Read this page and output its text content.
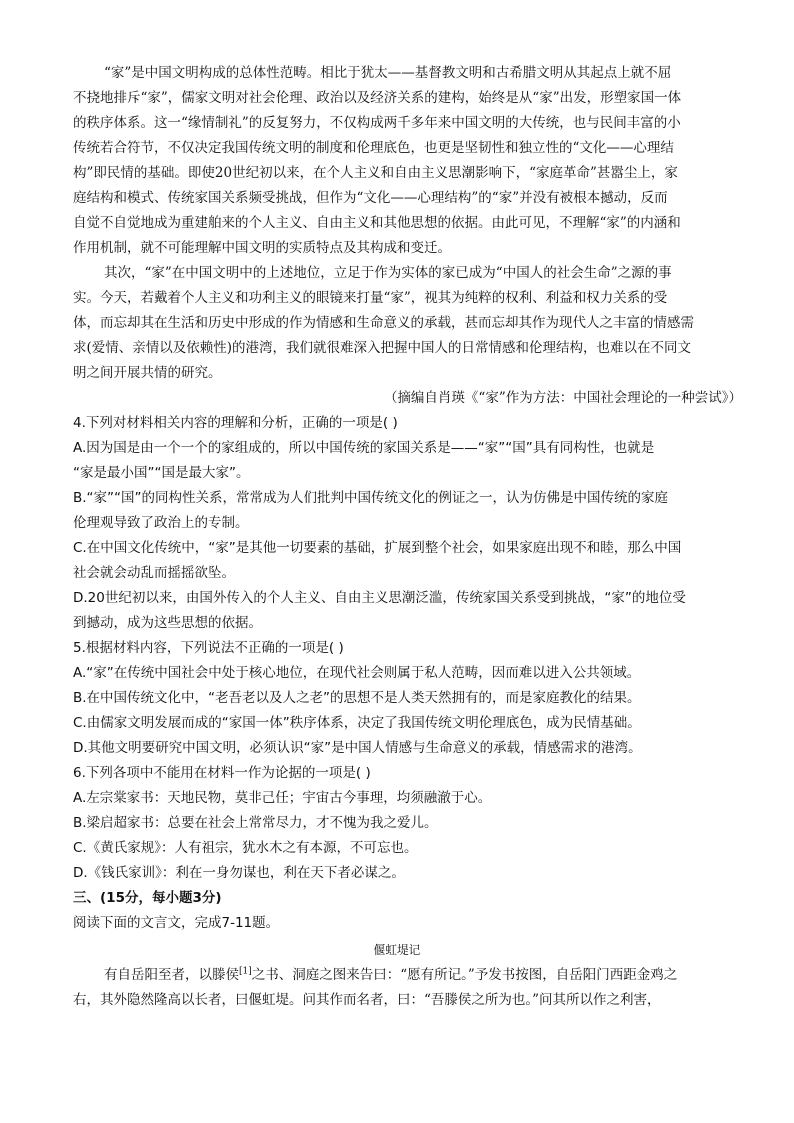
“家”是中国文明构成的总体性范畴。相比于犹太——基督教文明和古希腊文明从其起点上就不屈

不挠地排斥“家”，儒家文明对社会伦理、政治以及经济关系的建构，始终是从“家”出发，形塑家国一体

的秩序体系。这一“缘情制礼”的反复努力，不仅构成两千多年来中国文明的大传统，也与民间丰富的小

传统若合符节，不仅决定我国传统文明的制度和伦理底色，也更是坚韧性和独立性的“文化——心理结

构”即民情的基础。即使20世纪初以来，在个人主义和自由主义思潮影响下，“家庭革命”甚嚣尘上，家

庭结构和模式、传统家国关系频受挑战，但作为“文化——心理结构”的“家”并没有被根本撼动，反而

自觉不自觉地成为重建舶来的个人主义、自由主义和其他思想的依据。由此可见，不理解“家”的内涵和

作用机制，就不可能理解中国文明的实质特点及其构成和变迁。

其次，“家”在中国文明中的上述地位，立足于作为实体的家已成为“中国人的社会生命”之源的事

实。今天，若戴着个人主义和功利主义的眼镜来打量“家”，视其为纯粹的权利、利益和权力关系的受

体，而忘却其在生活和历史中形成的作为情感和生命意义的承载，甚而忘却其作为现代人之丰富的情感需

求(爱情、亲情以及依赖性)的港湾，我们就很难深入把握中国人的日常情感和伦理结构，也难以在不同文

明之间开展共情的研究。

（摘编自肖瑛《“家”作为方法：中国社会理论的一种尝试》）

4.下列对材料相关内容的理解和分析，正确的一项是( )

A.因为国是由一个一个的家组成的，所以中国传统的家国关系是——“家”“国”具有同构性，也就是

“家是最小国”“国是最大家”。

B.“家”“国”的同构性关系，常常成为人们批判中国传统文化的例证之一，认为仿佛是中国传统的家庭

伦理观导致了政治上的专制。

C.在中国文化传统中，“家”是其他一切要素的基础，扩展到整个社会，如果家庭出现不和睦，那么中国

社会就会动乱而摇摇欲坠。

D.20世纪初以来，由国外传入的个人主义、自由主义思潮泛滥，传统家国关系受到挑战，“家”的地位受

到撼动，成为这些思想的依据。

5.根据材料内容，下列说法不正确的一项是( )

A.“家”在传统中国社会中处于核心地位，在现代社会则属于私人范畴，因而难以进入公共领域。

B.在中国传统文化中，“老吾老以及人之老”的思想不是人类天然拥有的，而是家庭教化的结果。

C.由儒家文明发展而成的“家国一体”秩序体系，决定了我国传统文明伦理底色，成为民情基础。

D.其他文明要研究中国文明，必须认识“家”是中国人情感与生命意义的承载，情感需求的港湾。

6.下列各项中不能用在材料一作为论据的一项是( )

A.左宗棠家书：天地民物，莫非己任；宇宙古今事理，均须融澈于心。

B.梁启超家书：总要在社会上常常尽力，才不愧为我之爱儿。

C.《黄氏家规》：人有祖宗，犹水木之有本源，不可忘也。

D.《钱氏家训》：利在一身勿谋也，利在天下者必谋之。

三、(15分，每小题3分)

阅读下面的文言文，完成7-11题。

偃虹堤记

有自岳阳至者，以滕侯[1]之书、洞庭之图来告曰：“愿有所记。”予发书按图，自岳阳门西距金鸡之

右，其外隐然隆高以长者，曰偃虹堤。问其作而名者，曰：“吾滕侯之所为也。”问其所以作之利害，
